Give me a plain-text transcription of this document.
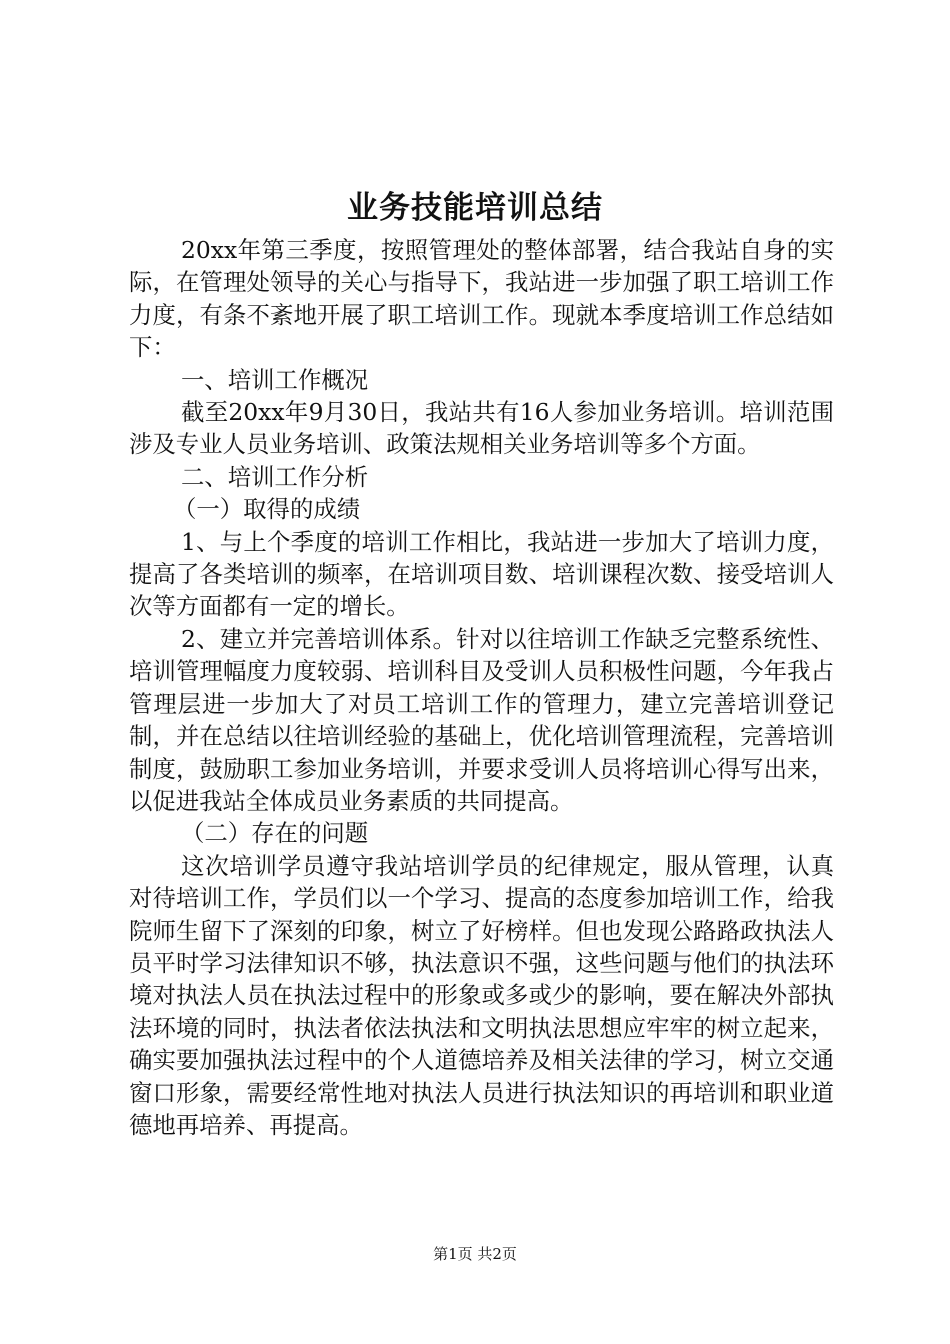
业务技能培训总结

20xx年第三季度，按照管理处的整体部署，结合我站自身的实际，在管理处领导的关心与指导下，我站进一步加强了职工培训工作力度，有条不紊地开展了职工培训工作。现就本季度培训工作总结如下：

一、培训工作概况

截至20xx年9月30日，我站共有16人参加业务培训。培训范围涉及专业人员业务培训、政策法规相关业务培训等多个方面。

二、培训工作分析

（一）取得的成绩

1、与上个季度的培训工作相比，我站进一步加大了培训力度，提高了各类培训的频率，在培训项目数、培训课程次数、接受培训人次等方面都有一定的增长。

2、建立并完善培训体系。针对以往培训工作缺乏完整系统性、培训管理幅度力度较弱、培训科目及受训人员积极性问题，今年我占管理层进一步加大了对员工培训工作的管理力，建立完善培训登记制，并在总结以往培训经验的基础上，优化培训管理流程，完善培训制度，鼓励职工参加业务培训，并要求受训人员将培训心得写出来，以促进我站全体成员业务素质的共同提高。

（二）存在的问题

这次培训学员遵守我站培训学员的纪律规定，服从管理，认真对待培训工作，学员们以一个学习、提高的态度参加培训工作，给我院师生留下了深刻的印象，树立了好榜样。但也发现公路路政执法人员平时学习法律知识不够，执法意识不强，这些问题与他们的执法环境对执法人员在执法过程中的形象或多或少的影响，要在解决外部执法环境的同时，执法者依法执法和文明执法思想应牢牢的树立起来，确实要加强执法过程中的个人道德培养及相关法律的学习，树立交通窗口形象，需要经常性地对执法人员进行执法知识的再培训和职业道德地再培养、再提高。

第1页 共2页
